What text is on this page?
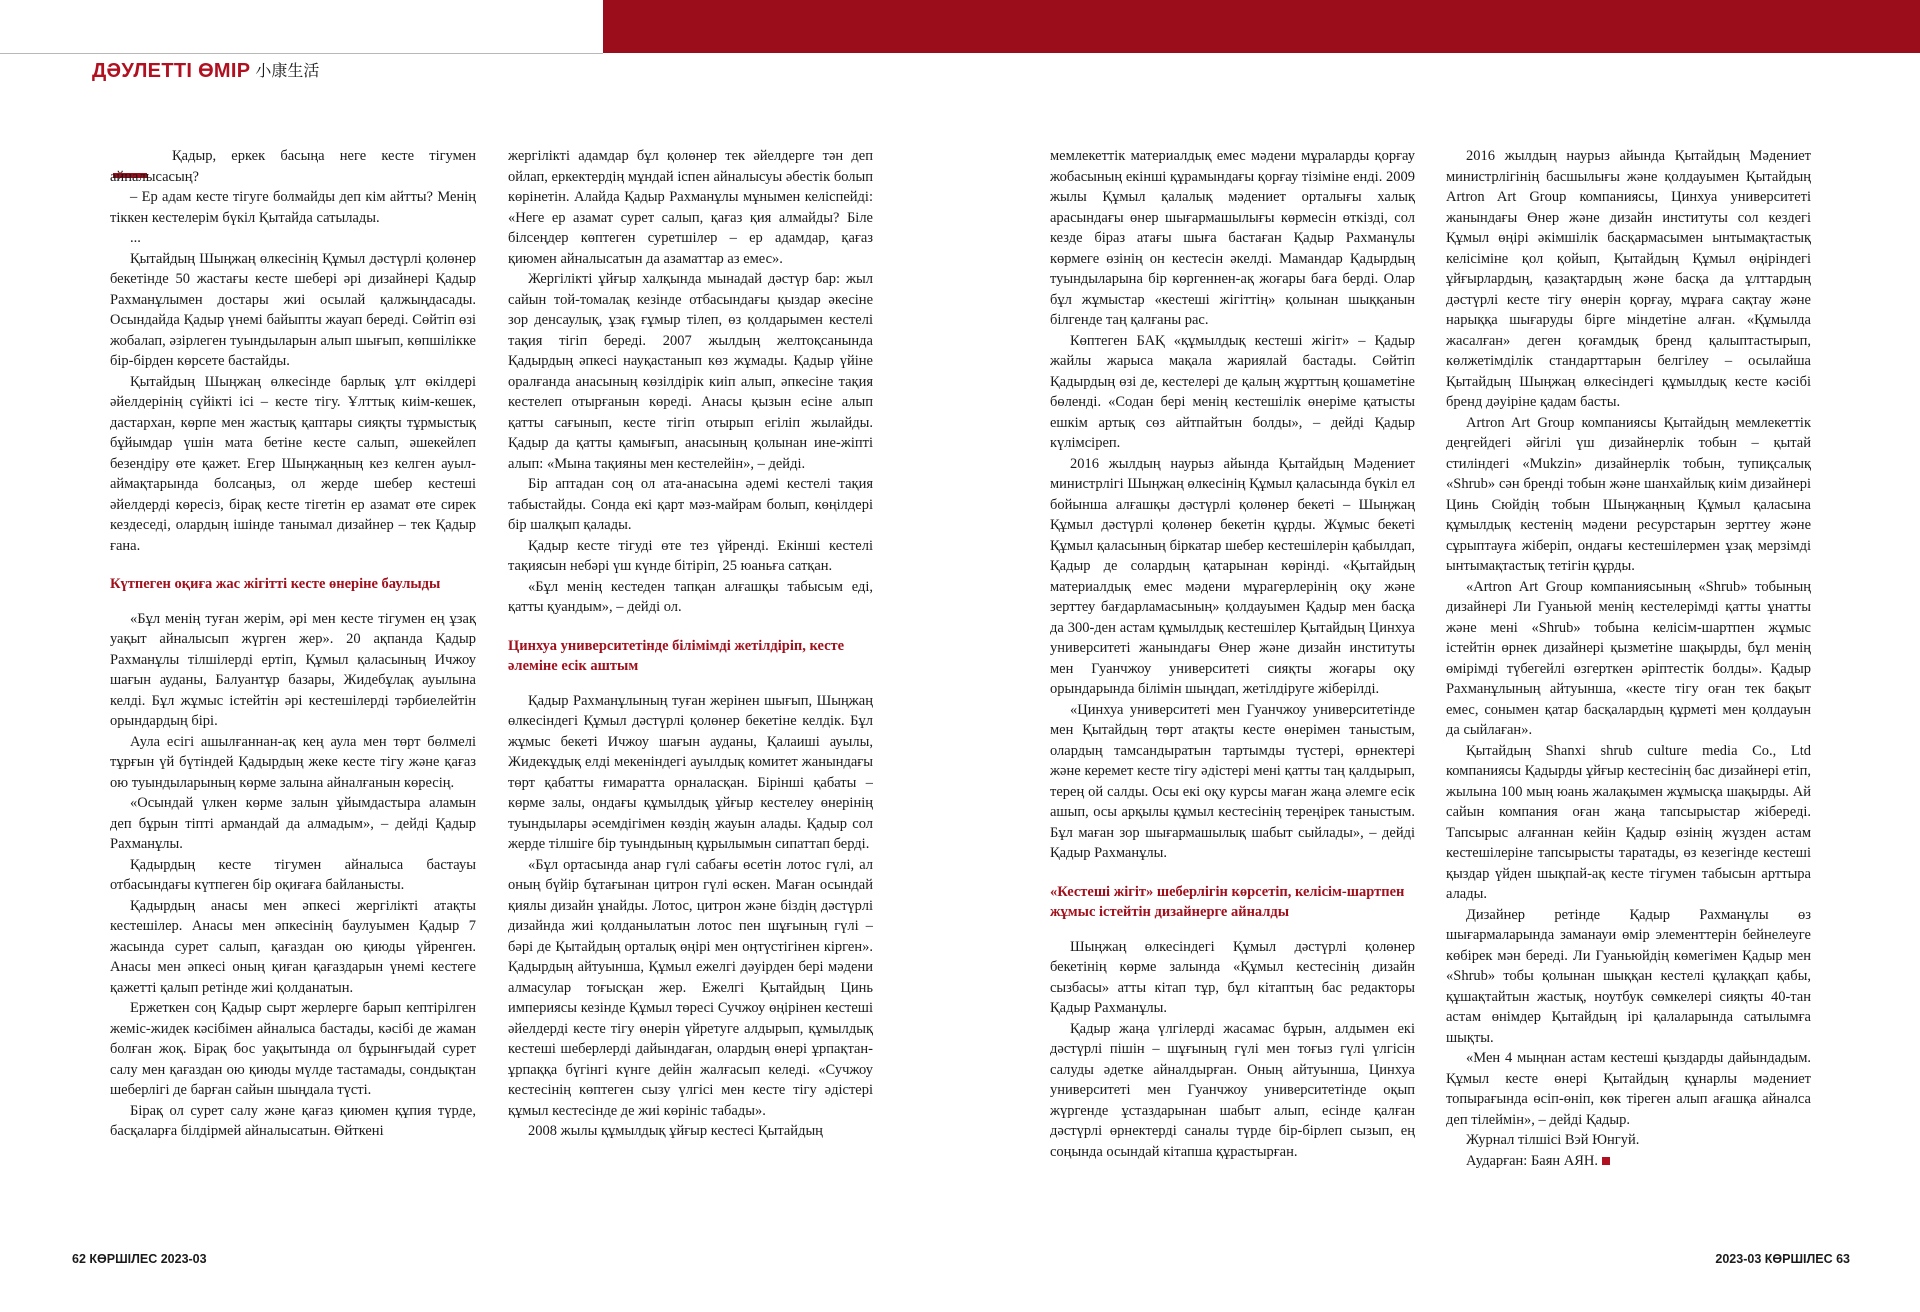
ДӘУЛЕТТІ ӨМІР 小康生活

Қадыр, еркек басыңа неге кесте тігумен айналысасың?

– Ер адам кесте тігуге болмайды деп кім айтты? Менің тіккен кестелерім бүкіл Қытайда сатылады.

...

Қытайдың Шыңжаң өлкесінің Құмыл дәстүрлі қолөнер бекетінде 50 жастағы кесте шебері әрі дизайнері Қадыр Рахманұлымен достары жиі осылай қалжыңдасады. Осындайда Қадыр үнемі байыпты жауап береді. Сөйтіп өзі жобалап, әзірлеген туындыларын алып шығып, көпшілікке бір-бірден көрсете бастайды.

Қытайдың Шыңжаң өлкесінде барлық ұлт өкілдері әйелдерінің сүйікті ісі – кесте тігу. Ұлттық киім-кешек, дастархан, көрпе мен жастық қаптары сияқты тұрмыстық бұйымдар үшін мата бетіне кесте салып, әшекейлеп безендіру өте қажет. Егер Шыңжаңның кез келген ауыл-аймақтарында болсаңыз, ол жерде шебер кестеші әйелдерді көресіз, бірақ кесте тігетін ер азамат өте сирек кездеседі, олардың ішінде танымал дизайнер – тек Қадыр ғана.

Күтпеген оқиға жас жігітті кесте өнеріне баулыды

«Бұл менің туған жерім, әрі мен кесте тігумен ең ұзақ уақыт айналысып жүрген жер». 20 ақпанда Қадыр Рахманұлы тілшілерді ертіп, Құмыл қаласының Ичжоу шағын ауданы, Балуантұр базары, Жидебұлақ ауылына келді. Бұл жұмыс істейтін әрі кестешілерді тәрбиелейтін орындардың бірі.

Аула есігі ашылғаннан-ақ кең аула мен төрт бөлмелі тұрғын үй бүтіндей Қадырдың жеке кесте тігу және қағаз ою туындыларының көрме залына айналғанын көресің.

«Осындай үлкен көрме залын ұйымдастыра аламын деп бұрын тіпті армандай да алмадым», – дейді Қадыр Рахманұлы.

Қадырдың кесте тігумен айналыса бастауы отбасындағы күтпеген бір оқиғаға байланысты.

Қадырдың анасы мен әпкесі жергілікті атақты кестешілер. Анасы мен әпкесінің баулуымен Қадыр 7 жасында сурет салып, қағаздан ою қиюды үйренген. Анасы мен әпкесі оның қиған қағаздарын үнемі кестеге қажетті қалып ретінде жиі қолданатын.

Ержеткен соң Қадыр сырт жерлерге барып кептірілген жеміс-жидек кәсібімен айналыса бастады, кәсібі де жаман болған жоқ. Бірақ бос уақытында ол бұрынғыдай сурет салу мен қағаздан ою қиюды мүлде тастамады, сондықтан шеберлігі де барған сайын шыңдала түсті.

Бірақ ол сурет салу және қағаз қиюмен құпия түрде, басқаларға білдірмей айналысатын. Өйткені

жергілікті адамдар бұл қолөнер тек әйелдерге тән деп ойлап, еркектердің мұндай іспен айналысуы әбестік болып көрінетін. Алайда Қадыр Рахманұлы мұнымен келіспейді: «Неге ер азамат сурет салып, қағаз қия алмайды? Біле білсеңдер көптеген суретшілер – ер адамдар, қағаз қиюмен айналысатын да азаматтар аз емес».

Жергілікті ұйғыр халқында мынадай дәстүр бар: жыл сайын той-томалақ кезінде отбасындағы қыздар әкесіне зор денсаулық, ұзақ ғұмыр тілеп, өз қолдарымен кестелі тақия тігіп береді. 2007 жылдың желтоқсанында Қадырдың әпкесі науқастанып көз жұмады. Қадыр үйіне оралғанда анасының көзілдірік киіп алып, әпкесіне тақия кестелеп отырғанын көреді. Анасы қызын есіне алып қатты сағынып, кесте тігіп отырып егіліп жылайды. Қадыр да қатты қамығып, анасының қолынан ине-жіпті алып: «Мына тақияны мен кестелейін», – дейді.

Бір аптадан соң ол ата-анасына әдемі кестелі тақия табыстайды. Сонда екі қарт мәз-майрам болып, көңілдері бір шалқып қалады.

Қадыр кесте тігуді өте тез үйренді. Екінші кестелі тақиясын небәрі үш күнде бітіріп, 25 юаньға сатқан.

«Бұл менің кестеден тапқан алғашқы табысым еді, қатты қуандым», – дейді ол.

Цинхуа университетінде білімімді жетілдіріп, кесте әлеміне есік аштым

Қадыр Рахманұлының туған жерінен шығып, Шыңжаң өлкесіндегі Құмыл дәстүрлі қолөнер бекетіне келдік. Бұл жұмыс бекеті Ичжоу шағын ауданы, Қалаиші ауылы, Жидекұдық елді мекеніндегі ауылдық комитет жанындағы төрт қабатты ғимаратта орналасқан. Бірінші қабаты – көрме залы, ондағы құмылдық ұйғыр кестелеу өнерінің туындылары әсемдігімен көздің жауын алады. Қадыр сол жерде тілшіге бір туындының құрылымын сипаттап берді.

«Бұл ортасында анар гүлі сабағы өсетін лотос гүлі, ал оның бүйір бұтағынан цитрон гүлі өскен. Маған осындай қиялы дизайн ұнайды. Лотос, цитрон және біздің дәстүрлі дизайнда жиі қолданылатын лотос пен шұғының гүлі – бәрі де Қытайдың орталық өңірі мен оңтүстігінен кірген». Қадырдың айтуынша, Құмыл ежелгі дәуірден бері мәдени алмасулар тоғысқан жер. Ежелгі Қытайдың Цинь империясы кезінде Құмыл төресі Сучжоу өңірінен кестеші әйелдерді кесте тігу өнерін үйретуге алдырып, құмылдық кестеші шеберлерді дайындаған, олардың өнері ұрпақтан-ұрпаққа бүгінгі күнге дейін жалғасып келеді. «Сучжоу кестесінің көптеген сызу үлгісі мен кесте тігу әдістері құмыл кестесінде де жиі көрініс табады».

2008 жылы құмылдық ұйғыр кестесі Қытайдың

мемлекеттік материалдық емес мәдени мұраларды қорғау жобасының екінші құрамындағы қорғау тізіміне енді. 2009 жылы Құмыл қалалық мәдениет орталығы халық арасындағы өнер шығармашылығы көрмесін өткізді, сол кезде біраз атағы шыға бастаған Қадыр Рахманұлы көрмеге өзінің он кестесін әкелді. Мамандар Қадырдың туындыларына бір көргеннен-ақ жоғары баға берді. Олар бұл жұмыстар «кестеші жігіттің» қолынан шыққанын білгенде таң қалғаны рас.

Көптеген БАҚ «құмылдық кестеші жігіт» – Қадыр жайлы жарыса мақала жариялай бастады. Сөйтіп Қадырдың өзі де, кестелері де қалың жұрттың қошаметіне бөленді. «Содан бері менің кестешілік өнеріме қатысты ешкім артық сөз айтпайтын болды», – дейді Қадыр күлімсіреп.

2016 жылдың наурыз айында Қытайдың Мәдениет министрлігі Шыңжаң өлкесінің Құмыл қаласында бүкіл ел бойынша алғашқы дәстүрлі қолөнер бекеті – Шыңжаң Құмыл дәстүрлі қолөнер бекетін құрды. Жұмыс бекеті Құмыл қаласының біркатар шебер кестешілерін қабылдап, Қадыр де солардың қатарынан көрінді. «Қытайдың материалдық емес мәдени мұрагерлерінің оқу және зерттеу бағдарламасының» қолдауымен Қадыр мен басқа да 300-ден астам құмылдық кестешілер Қытайдың Цинхуа университеті жанындағы Өнер және дизайн институты мен Гуанчжоу университеті сияқты жоғары оқу орындарында білімін шыңдап, жетілдіруге жіберілді.

«Цинхуа университеті мен Гуанчжоу университетінде мен Қытайдың төрт атақты кесте өнерімен таныстым, олардың тамсандыратын тартымды түстері, өрнектері және керемет кесте тігу әдістері мені қатты таң қалдырып, терең ой салды. Осы екі оқу курсы маған жаңа әлемге есік ашып, осы арқылы құмыл кестесінің тереңірек таныстым. Бұл маған зор шығармашылық шабыт сыйлады», – дейді Қадыр Рахманұлы.

«Кестеші жігіт» шеберлігін көрсетіп, келісім-шартпен жұмыс істейтін дизайнерге айналды

Шыңжаң өлкесіндегі Құмыл дәстүрлі қолөнер бекетінің көрме залында «Құмыл кестесінің дизайн сызбасы» атты кітап тұр, бұл кітаптың бас редакторы Қадыр Рахманұлы.

Қадыр жаңа үлгілерді жасамас бұрын, алдымен екі дәстүрлі пішін – шұғының гүлі мен тоғыз гүлі үлгісін салуды әдетке айналдырған. Оның айтуынша, Цинхуа университеті мен Гуанчжоу университетінде оқып жүргенде ұстаздарынан шабыт алып, есінде қалған дәстүрлі өрнектерді саналы түрде бір-бірлеп сызып, ең соңында осындай кітапша құрастырған.

2016 жылдың наурыз айында Қытайдың Мәдениет министрлігінің басшылығы және қолдауымен Қытайдың Artron Art Group компаниясы, Цинхуа университеті жанындағы Өнер және дизайн институты сол кездегі Құмыл өңірі әкімшілік басқармасымен ынтымақтастық келісіміне қол қойып, Қытайдың Құмыл өңіріндегі ұйғырлардың, қазақтардың және басқа да ұлттардың дәстүрлі кесте тігу өнерін қорғау, мұраға сақтау және нарыққа шығаруды бірге міндетіне алған. «Құмылда жасалған» деген қоғамдық бренд қалыптастырып, көлжетімділік стандарттарын белгілеу – осылайша Қытайдың Шыңжаң өлкесіндегі құмылдық кесте кәсібі бренд дәуіріне қадам басты.

Artron Art Group компаниясы Қытайдың мемлекеттік деңгейдегі әйгілі үш дизайнерлік тобын – қытай стиліндегі «Mukzin» дизайнерлік тобын, тупиқсалық «Shrub» сән бренді тобын және шанхайлық киім дизайнері Цинь Сюйдің тобын Шыңжаңның Құмыл қаласына құмылдық кестенің мәдени ресурстарын зерттеу және сұрыптауға жіберіп, ондағы кестешілермен ұзақ мерзімді ынтымақтастық тетігін құрды.

«Artron Art Group компаниясының «Shrub» тобының дизайнері Ли Гуаньюй менің кестелерімді қатты ұнатты және мені «Shrub» тобына келісім-шартпен жұмыс істейтін өрнек дизайнері қызметіне шақырды, бұл менің өмірімді түбегейлі өзгерткен әріптестік болды». Қадыр Рахманұлының айтуынша, «кесте тігу оған тек бақыт емес, сонымен қатар басқалардың құрметі мен қолдауын да сыйлаған».

Қытайдың Shanxi shrub culture media Co., Ltd компаниясы Қадырды ұйғыр кестесінің бас дизайнері етіп, жылына 100 мың юань жалақымен жұмысқа шақырды. Ай сайын компания оған жаңа тапсырыстар жібереді. Тапсырыс алғаннан кейін Қадыр өзінің жүзден астам кестешілеріне тапсырысты таратады, өз кезегінде кестеші қыздар үйден шықпай-ақ кесте тігумен табысын арттыра алады.

Дизайнер ретінде Қадыр Рахманұлы өз шығармаларында заманауи өмір элементтерін бейнелеуге көбірек мән береді. Ли Гуаньюйдің көмегімен Қадыр мен «Shrub» тобы қолынан шыққан кестелі құлаққап қабы, құшақтайтын жастық, ноутбук сөмкелері сияқты 40-тан астам өнімдер Қытайдың ірі қалаларында сатылымға шықты.

«Мен 4 мыңнан астам кестеші қыздарды дайындадым. Құмыл кесте өнері Қытайдың құнарлы мәдениет топырағында өсіп-өніп, көк тіреген алып ағашқа айналса деп тілеймін», – дейді Қадыр.

Журнал тілшісі Вэй Юнгуй.

Аударған: Баян АЯН.

62 КӨРШІЛЕС 2023-03	2023-03 КӨРШІЛЕС 63
